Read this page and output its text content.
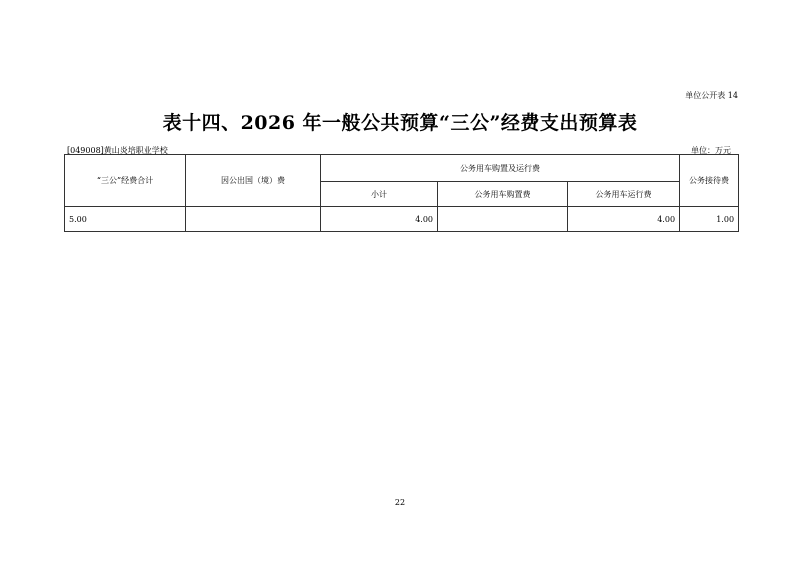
单位公开表 14
表十四、2026 年一般公共预算“三公”经费支出预算表
[049008]黄山炎培职业学校	单位：万元
“三公”经费合计	因公出国（境）费	公务用车购置及运行费			公务接待费
		小计	公务用车购置费	公务用车运行费	
5.00		4.00		4.00	1.00
22
